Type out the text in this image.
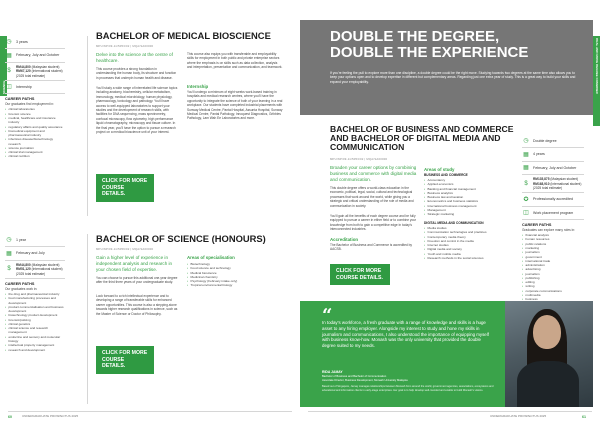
SCIENCE
◷	3 years
▦	February, July and October
$
RM44,800 (Malaysian student)
RM67,120 (International student)
(2025 total estimate)
◫	Internship
CAREER PATHS
Our graduates find employment in:
• clinical laboratories
• forensic science
• medical, healthcare and insurance industry
• regulatory affairs and quality assurance
• biomedical equipment and pharmaceutical industry
• infectious disease/biotechnology research
• science journalism
• clinical trial management
• clinical nutrition
BACHELOR OF MEDICAL BIOSCIENCE
MPU/NP/09-11/5053/02 | MQA/SA00000
Delve into the science at the centre of healthcare.
This course provides a strong foundation in understanding the human body, its structure and function in processes that underpin human health and disease.
You'll study a wide range of interrelated life science topics including anatomy, biochemistry, cellular metabolism, immunology, medical microbiology, human physiology, pharmacology, toxicology and pathology. You'll have access to well-equipped laboratories to support your studies and the development of research skills, with facilities for DNA sequencing, mass spectrometry, confocal microscopy, flow cytometry, high performance liquid chromatography, microscopy and tissue culture. In the final year, you'll have the option to pursue a research project on a medical bioscience unit of your interest.
This course also equips you with transferable and employability skills for employment in both public and private enterprise sectors where the emphasis is on skills such as data collection, analysis and interpretation, presentation and communication, and teamwork.
Internship
You'll undergo a minimum of eight weeks work-based training in hospitals and medical research centres, where you'll have the opportunity to integrate the science of both of your learning in a real workplace. Our students have completed industrial placements with Sunway Medical Centre, Pantai Hospital, Assunta Hospital, Sunway Medical Centre, Pantai Pathology, Innoquest Diagnostics, Gribbles Pathology, Lam Wah Ee Laboratories and more.
CLICK FOR MORE COURSE DETAILS.
◷	1 year
▦	February and July
$
RM44,800 (Malaysian student)
RM51,120 (International student)
(2025 total estimate)
CAREER PATHS
Our graduates work in:
• the drug and pharmaceutical industry
• food manufacturing processes and development
• product commercialisation and business development
• biotechnology product development
• forensic/policing
• clinical genetics
• clinical science and research management
• endocrine and sensory and molecular biology
• intellectual property management
• research and development
BACHELOR OF SCIENCE (HONOURS)
MPU/NP/09-11/5056/02 | MQA/SA00000
Gain a higher level of experience in independent analysis and research in your chosen field of expertise.
You can choose to pursue this additional one-year degree after the third three years of your undergraduate study.
Look forward to a rich intellectual experience and to developing a range of transferable skills for enhanced career opportunities. This course is also a stepping-stone towards higher research qualifications in science, such as the Master of Science or Doctor of Philosophy.
Areas of specialisation
• Biotechnology
• Food science and technology
• Medical bioscience
• Medicinal chemistry
• Psychology (February intake only)
• Tropical environmental biology
CLICK FOR MORE COURSE DETAILS.
60	UNDERGRADUATE PROSPECTUS 2025
DUAL AND MOVE DEGREE COMBINED
DOUBLE THE DEGREE,
DOUBLE THE EXPERIENCE
If you're feeling the pull to explore more than one discipline, a double degree could be the right move. Studying towards two degrees at the same time also allows you to keep your options open and to develop expertise in different but complementary areas. Regarding just one extra year of study. This is a great way to build your skills and expand your employability.
BACHELOR OF BUSINESS AND COMMERCE AND BACHELOR OF DIGITAL MEDIA AND COMMUNICATION
MPU/NP/09-11/5053/02 | MQA/SA00000
Broaden your career options by combining business and commerce with digital media and communication.
This double degree offers a world-class education in the economic, political, legal, social, cultural and technological processes that work around the world, while giving you a strategic and critical understanding of the role of media and communication in society.
You'll gain all the benefits of each degree course and be fully equipped to pursue a career in either field or to combine your knowledge from both to gain a competitive edge in today's interconnected industries.
Accreditation
The Bachelor of Business and Commerce is accredited by AACSB.
CLICK FOR MORE COURSE DETAILS.
Areas of study
BUSINESS AND COMMERCE
• Accountancy
• Applied economics
• Banking and financial management
• Business analytics
• Business law and taxation
• Econometrics and business statistics
• International business management
• Management
• Strategic marketing
DIGITAL MEDIA AND COMMUNICATION
• Media studies
• Communication technologies and practices
• Contemporary media theory
• Freedom and control in the media
• Internet studies
• Digital media and society
• Youth and mobile media
• Research methods in the social sciences
◷	Double degree
▦	4 years
▦	February, July and October
$
RM135,875 (Malaysian student)
RM168,910 (International student)
(2025 total estimate)
✪	Professionally accredited
◫	Work placement program
CAREER PATHS
Graduates can explore many roles in:
• financial analysis
• human resources
• public relations
• marketing
• journalism
• government
• international trade
• administration
• advertising
• journalism
• publishing
• editing
• writing
• corporate communications
• multimedia
• business
“
In today's workforce, a fresh graduate with a range of knowledge and skills is a huge asset to any hiring employer. Alongside my interest to study and hone my skills in journalism and communications, I also understood the importance of equipping myself with business know-how. Monash was the only university that provided the double degree suited to my needs.
RIDA JAMAY
Bachelor of Business and Bachelor of Communication
Associate Director, Business Development, Monash University Malaysia
Based out of Singapore, Jamay manages relationships between Monash from around the world, government agencies, associations, ecosystems and educational and information clients in early-stage enterprises. Her goal is to help develop well-rounded and enable to build Monash's visions.
UNDERGRADUATE PROSPECTUS 2025	61
